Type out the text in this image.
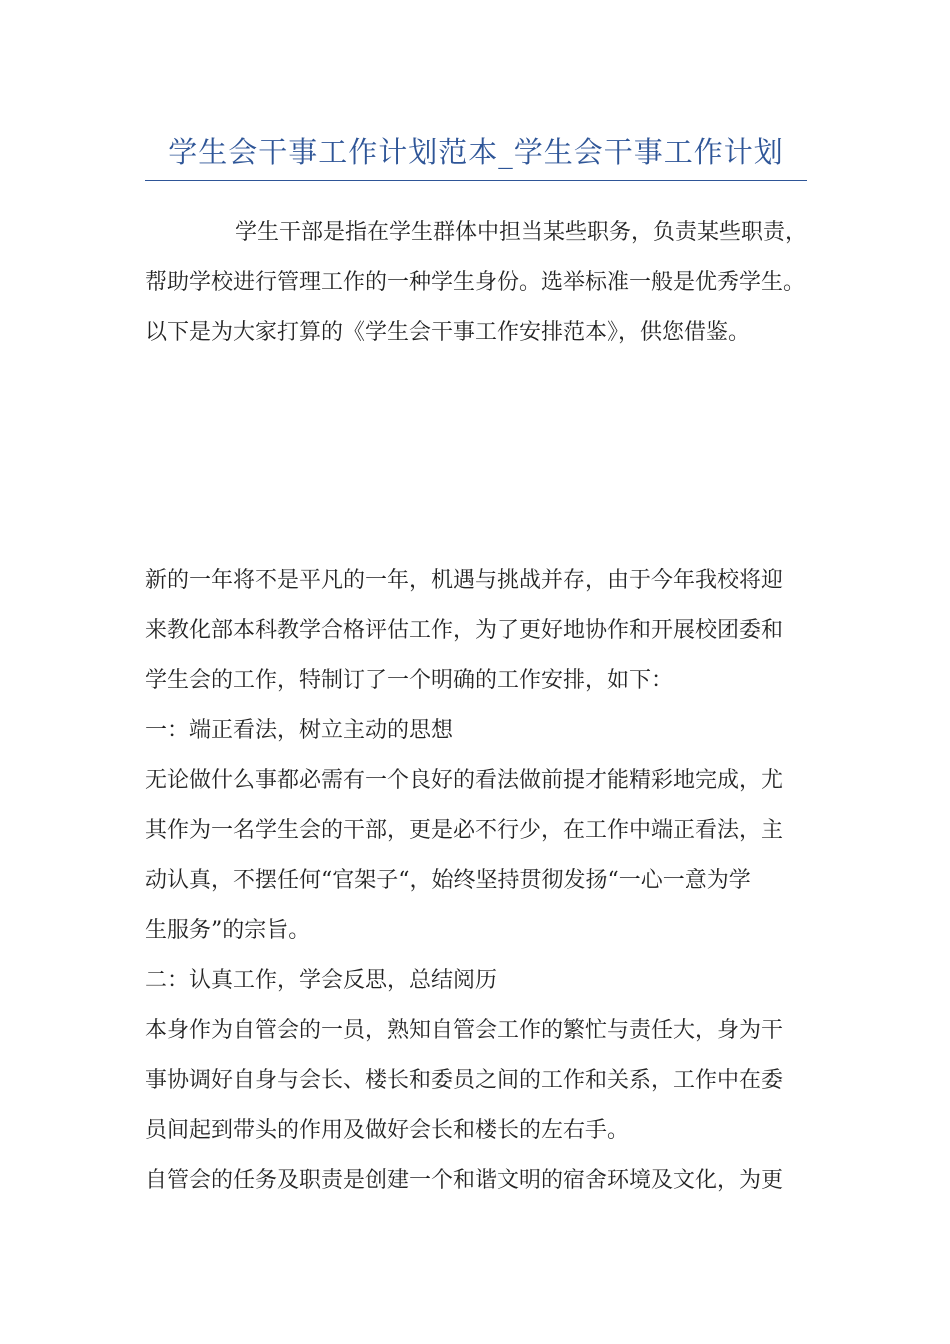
学生会干事工作计划范本_学生会干事工作计划
学生干部是指在学生群体中担当某些职务，负责某些职责，
帮助学校进行管理工作的一种学生身份。选举标准一般是优秀学生。
以下是为大家打算的《学生会干事工作安排范本》，供您借鉴。
新的一年将不是平凡的一年，机遇与挑战并存，由于今年我校将迎
来教化部本科教学合格评估工作，为了更好地协作和开展校团委和
学生会的工作，特制订了一个明确的工作安排，如下：
一：端正看法，树立主动的思想
无论做什么事都必需有一个良好的看法做前提才能精彩地完成，尤
其作为一名学生会的干部，更是必不行少，在工作中端正看法，主
动认真，不摆任何“官架子“，始终坚持贯彻发扬“一心一意为学
生服务”的宗旨。
二：认真工作，学会反思，总结阅历
本身作为自管会的一员，熟知自管会工作的繁忙与责任大，身为干
事协调好自身与会长、楼长和委员之间的工作和关系，工作中在委
员间起到带头的作用及做好会长和楼长的左右手。
自管会的任务及职责是创建一个和谐文明的宿舍环境及文化，为更
